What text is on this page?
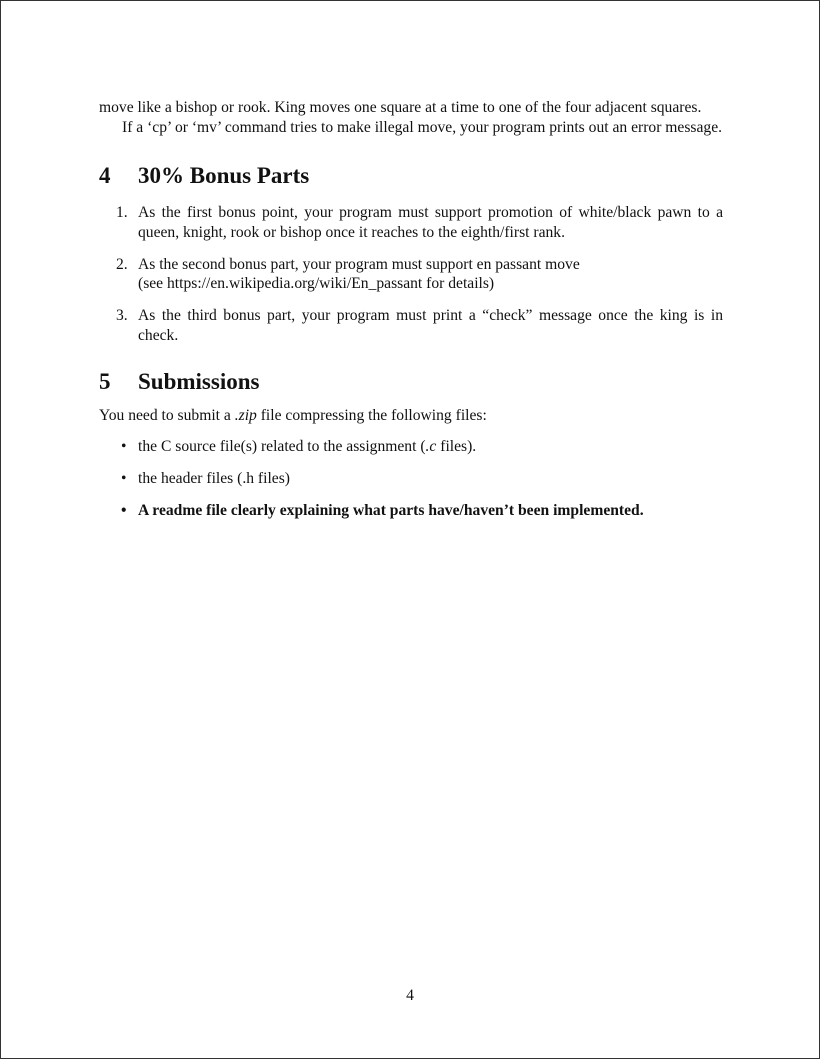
move like a bishop or rook. King moves one square at a time to one of the four adjacent squares.

If a ‘cp’ or ‘mv’ command tries to make illegal move, your program prints out an error message.

4	30% Bonus Parts
1. As the first bonus point, your program must support promotion of white/black pawn to a queen, knight, rook or bishop once it reaches to the eighth/first rank.
2. As the second bonus part, your program must support en passant move
(see https://en.wikipedia.org/wiki/En_passant for details)
3. As the third bonus part, your program must print a “check” message once the king is in check.
5	Submissions

You need to submit a .zip file compressing the following files:

• the C source file(s) related to the assignment (.c files).
• the header files (.h files)
• A readme file clearly explaining what parts have/haven’t been implemented.
4
